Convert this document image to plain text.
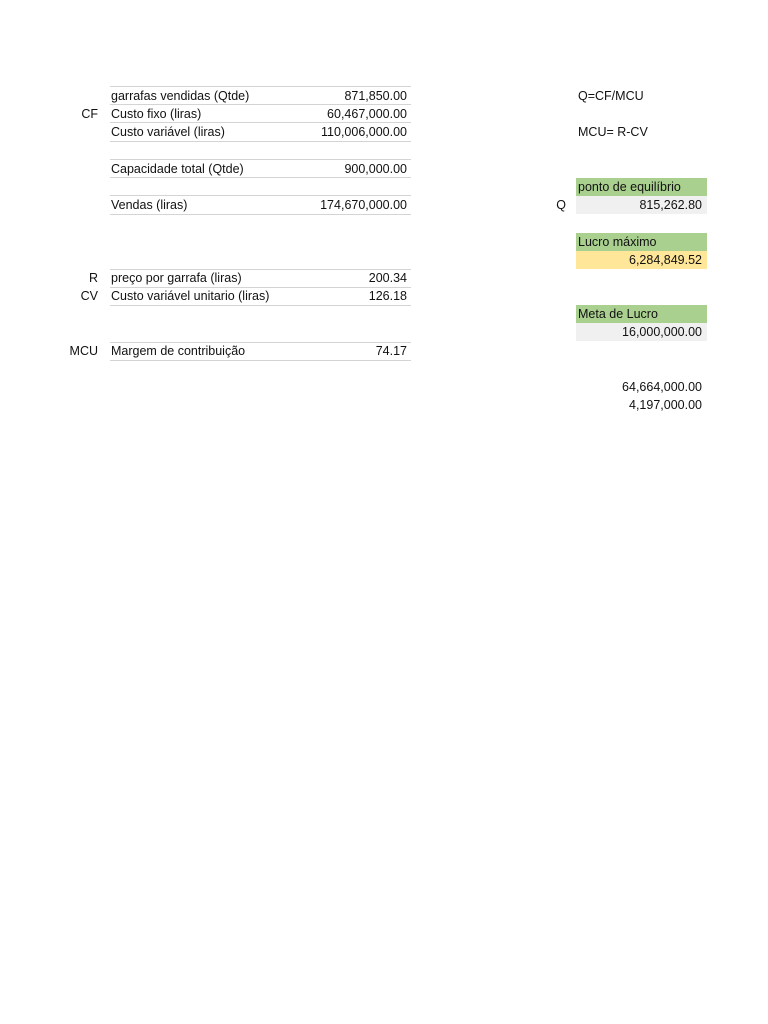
garrafas vendidas (Qtde)	871,850.00
CF Custo fixo (liras)	60,467,000.00
Custo variável (liras)	110,006,000.00
Capacidade total (Qtde)	900,000.00
Vendas (liras)	174,670,000.00
R preço por garrafa (liras)	200.34
CV Custo variável unitario (liras)	126.18
MCU Margem de contribuição	74.17
Q=CF/MCU
MCU= R-CV
ponto de equilíbrio
Q	815,262.80
Lucro máximo
6,284,849.52
Meta de Lucro
16,000,000.00
64,664,000.00
4,197,000.00
